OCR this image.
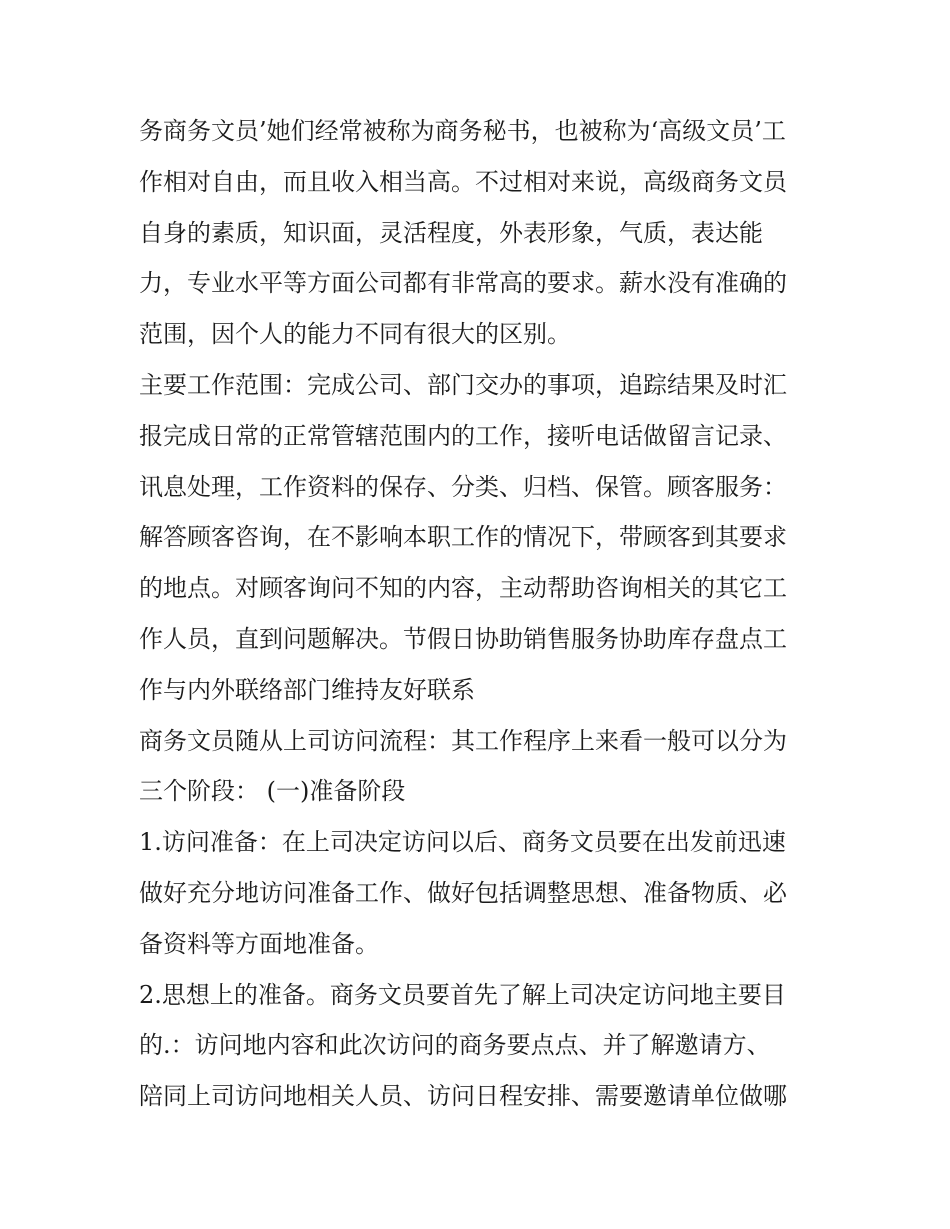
务商务文员’她们经常被称为商务秘书，也被称为‘高级文员’工
作相对自由，而且收入相当高。不过相对来说，高级商务文员
自身的素质，知识面，灵活程度，外表形象，气质，表达能
力，专业水平等方面公司都有非常高的要求。薪水没有准确的
范围，因个人的能力不同有很大的区别。
主要工作范围：完成公司、部门交办的事项，追踪结果及时汇
报完成日常的正常管辖范围内的工作，接听电话做留言记录、
讯息处理，工作资料的保存、分类、归档、保管。顾客服务：
解答顾客咨询，在不影响本职工作的情况下，带顾客到其要求
的地点。对顾客询问不知的内容，主动帮助咨询相关的其它工
作人员，直到问题解决。节假日协助销售服务协助库存盘点工
作与内外联络部门维持友好联系
商务文员随从上司访问流程：其工作程序上来看一般可以分为
三个阶段： (一)准备阶段
1.访问准备：在上司决定访问以后、商务文员要在出发前迅速
做好充分地访问准备工作、做好包括调整思想、准备物质、必
备资料等方面地准备。
2.思想上的准备。商务文员要首先了解上司决定访问地主要目
的.：访问地内容和此次访问的商务要点点、并了解邀请方、
陪同上司访问地相关人员、访问日程安排、需要邀请单位做哪
